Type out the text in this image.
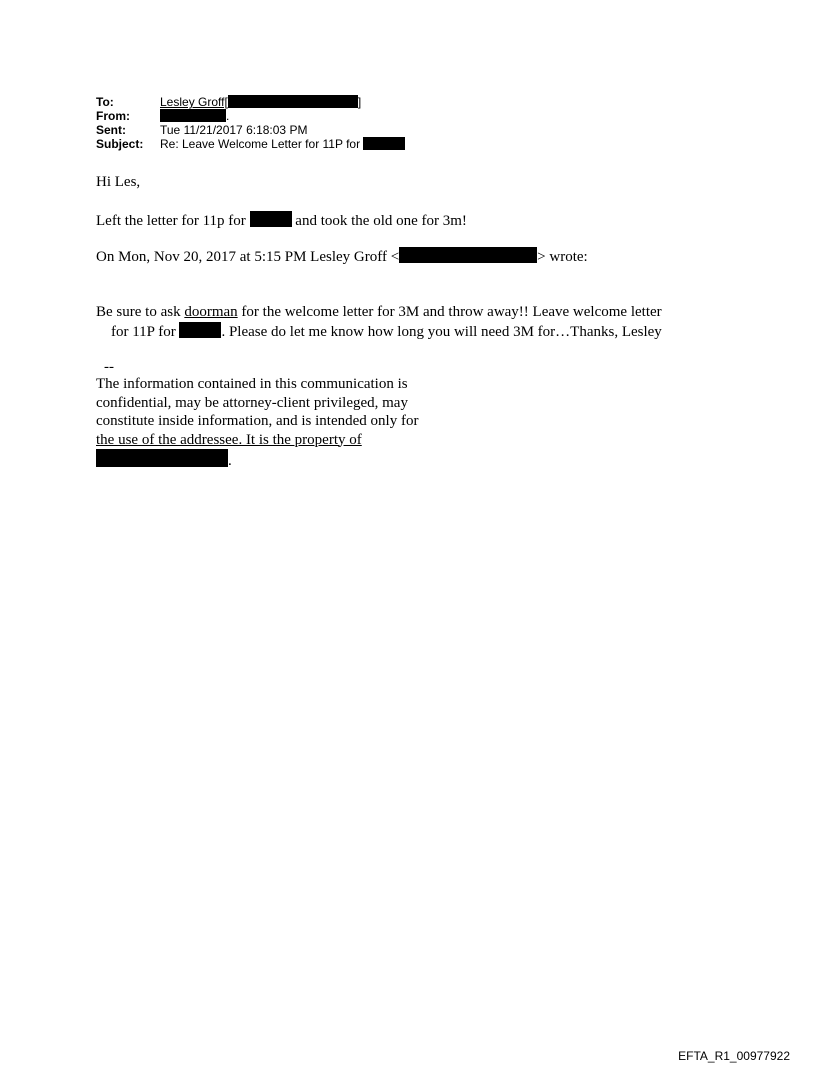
To:	Lesley Groff[	]
From:	.
Sent:	Tue 11/21/2017 6:18:03 PM
Subject:	Re: Leave Welcome Letter for 11P for
Hi Les,
Left the letter for 11p for	and took the old one for 3m!
On Mon, Nov 20, 2017 at 5:15 PM Lesley Groff <	> wrote:
Be sure to ask doorman for the welcome letter for 3M and throw away!! Leave welcome letter
for 11P for	. Please do let me know how long you will need 3M for…Thanks, Lesley
--
The information contained in this communication is
confidential, may be attorney-client privileged, may
constitute inside information, and is intended only for
the use of the addressee. It is the property of
.
EFTA_R1_00977922
